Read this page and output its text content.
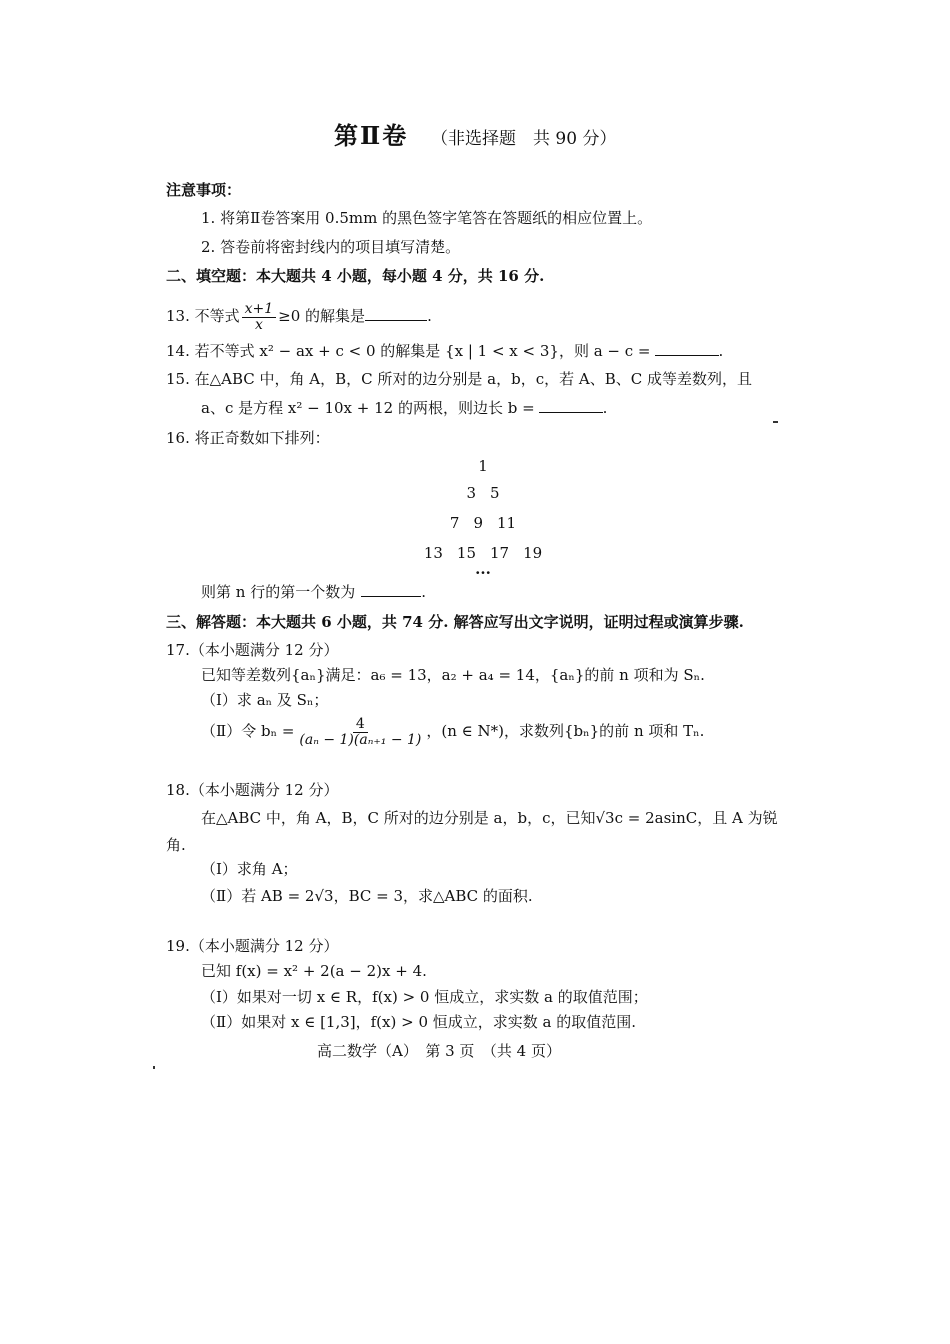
第Ⅱ卷 （非选择题　共 90 分）
注意事项：
1. 将第Ⅱ卷答案用 0.5mm 的黑色签字笔答在答题纸的相应位置上。
2. 答卷前将密封线内的项目填写清楚。
二、填空题：本大题共 4 小题，每小题 4 分，共 16 分.
13. 不等式 $\frac{x+1}{x} \ge 0$ 的解集是	.
14. 若不等式 x² − ax + c < 0 的解集是 {x | 1 < x < 3}，则 a − c =	.
15. 在△ABC 中，角 A，B，C 所对的边分别是 a，b，c，若 A、B、C 成等差数列，且
a、c 是方程 x² − 10x + 12 的两根，则边长 b =	.
16. 将正奇数如下排列：
1
3 5
7 9 11
13 15 17 19
···
则第 n 行的第一个数为	.
三、解答题：本大题共 6 小题，共 74 分. 解答应写出文字说明，证明过程或演算步骤.
17.（本小题满分 12 分）
已知等差数列{aₙ}满足：a₆ = 13，a₂ + a₄ = 14，{aₙ}的前 n 项和为 Sₙ.
（Ⅰ）求 aₙ 及 Sₙ；
（Ⅱ）令 $b_n = \frac{4}{\text{(aₙ − 1)(aₙ₊₁ − 1)}}$ ，(n ∈ N*)，求数列{bₙ}的前 n 项和 Tₙ.
18.（本小题满分 12 分）
在△ABC 中，角 A，B，C 所对的边分别是 a，b，c，已知√3c = 2asinC，且 A 为锐
角.
（Ⅰ）求角 A；
（Ⅱ）若 AB = 2√3，BC = 3，求△ABC 的面积.
19.（本小题满分 12 分）
已知 f(x) = x² + 2(a − 2)x + 4.
（Ⅰ）如果对一切 x ∈ R，f(x) > 0 恒成立，求实数 a 的取值范围；
（Ⅱ）如果对 x ∈ [1,3]，f(x) > 0 恒成立，求实数 a 的取值范围.
高二数学（A）　第 3 页　（共 4 页）
